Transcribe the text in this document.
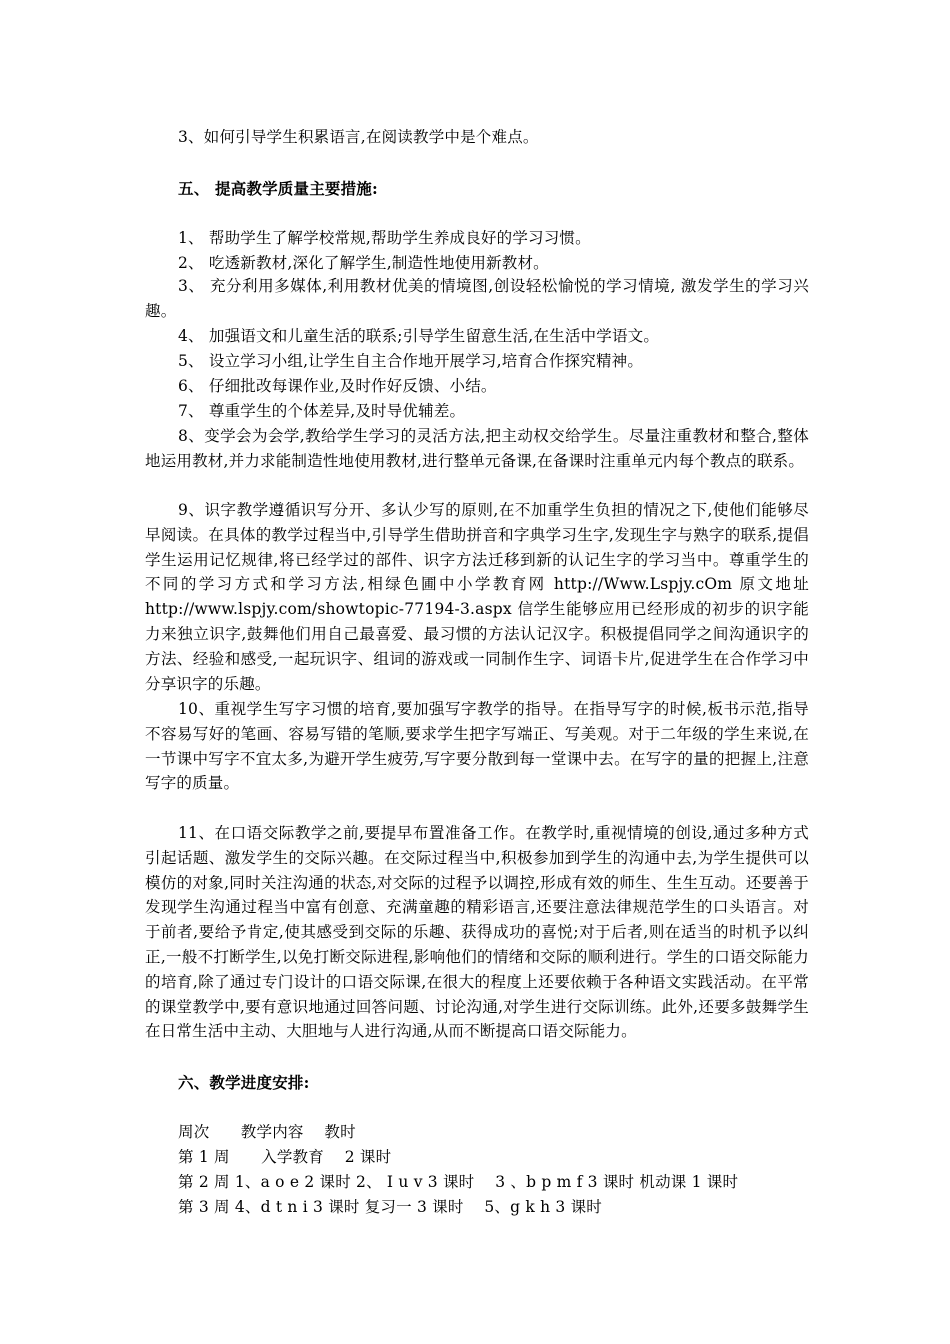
3、如何引导学生积累语言,在阅读教学中是个难点。
五、 提高教学质量主要措施:
1、 帮助学生了解学校常规,帮助学生养成良好的学习习惯。
2、 吃透新教材,深化了解学生,制造性地使用新教材。
3、 充分利用多媒体,利用教材优美的情境图,创设轻松愉悦的学习情境, 激发学生的学习兴趣。
4、 加强语文和儿童生活的联系;引导学生留意生活,在生活中学语文。
5、 设立学习小组,让学生自主合作地开展学习,培育合作探究精神。
6、 仔细批改每课作业,及时作好反馈、小结。
7、 尊重学生的个体差异,及时导优辅差。
8、变学会为会学,教给学生学习的灵活方法,把主动权交给学生。尽量注重教材和整合,整体地运用教材,并力求能制造性地使用教材,进行整单元备课,在备课时注重单元内每个教点的联系。
9、识字教学遵循识写分开、多认少写的原则,在不加重学生负担的情况之下,使他们能够尽早阅读。在具体的教学过程当中,引导学生借助拼音和字典学习生字,发现生字与熟字的联系,提倡学生运用记忆规律,将已经学过的部件、识字方法迁移到新的认记生字的学习当中。尊重学生的不同的学习方式和学习方法,相绿色圃中小学教育网 http://Www.Lspjy.cOm 原文地址 http://www.lspjy.com/showtopic-77194-3.aspx 信学生能够应用已经形成的初步的识字能力来独立识字,鼓舞他们用自己最喜爱、最习惯的方法认记汉字。积极提倡同学之间沟通识字的方法、经验和感受,一起玩识字、组词的游戏或一同制作生字、词语卡片,促进学生在合作学习中分享识字的乐趣。
10、重视学生写字习惯的培育,要加强写字教学的指导。在指导写字的时候,板书示范,指导不容易写好的笔画、容易写错的笔顺,要求学生把字写端正、写美观。对于二年级的学生来说,在一节课中写字不宜太多,为避开学生疲劳,写字要分散到每一堂课中去。在写字的量的把握上,注意写字的质量。
11、在口语交际教学之前,要提早布置准备工作。在教学时,重视情境的创设,通过多种方式引起话题、激发学生的交际兴趣。在交际过程当中,积极参加到学生的沟通中去,为学生提供可以模仿的对象,同时关注沟通的状态,对交际的过程予以调控,形成有效的师生、生生互动。还要善于发现学生沟通过程当中富有创意、充满童趣的精彩语言,还要注意法律规范学生的口头语言。对于前者,要给予肯定,使其感受到交际的乐趣、获得成功的喜悦;对于后者,则在适当的时机予以纠正,一般不打断学生,以免打断交际进程,影响他们的情绪和交际的顺利进行。学生的口语交际能力的培育,除了通过专门设计的口语交际课,在很大的程度上还要依赖于各种语文实践活动。在平常的课堂教学中,要有意识地通过回答问题、讨论沟通,对学生进行交际训练。此外,还要多鼓舞学生在日常生活中主动、大胆地与人进行沟通,从而不断提高口语交际能力。
六、教学进度安排:
周次　　教学内容　 教时
第 1 周　　入学教育　 2 课时
第 2 周 1、a o e 2 课时 2、 I u v 3 课时　 3 、b p m f 3 课时 机动课 1 课时
第 3 周 4、d t n i 3 课时 复习一 3 课时　 5、g k h 3 课时
